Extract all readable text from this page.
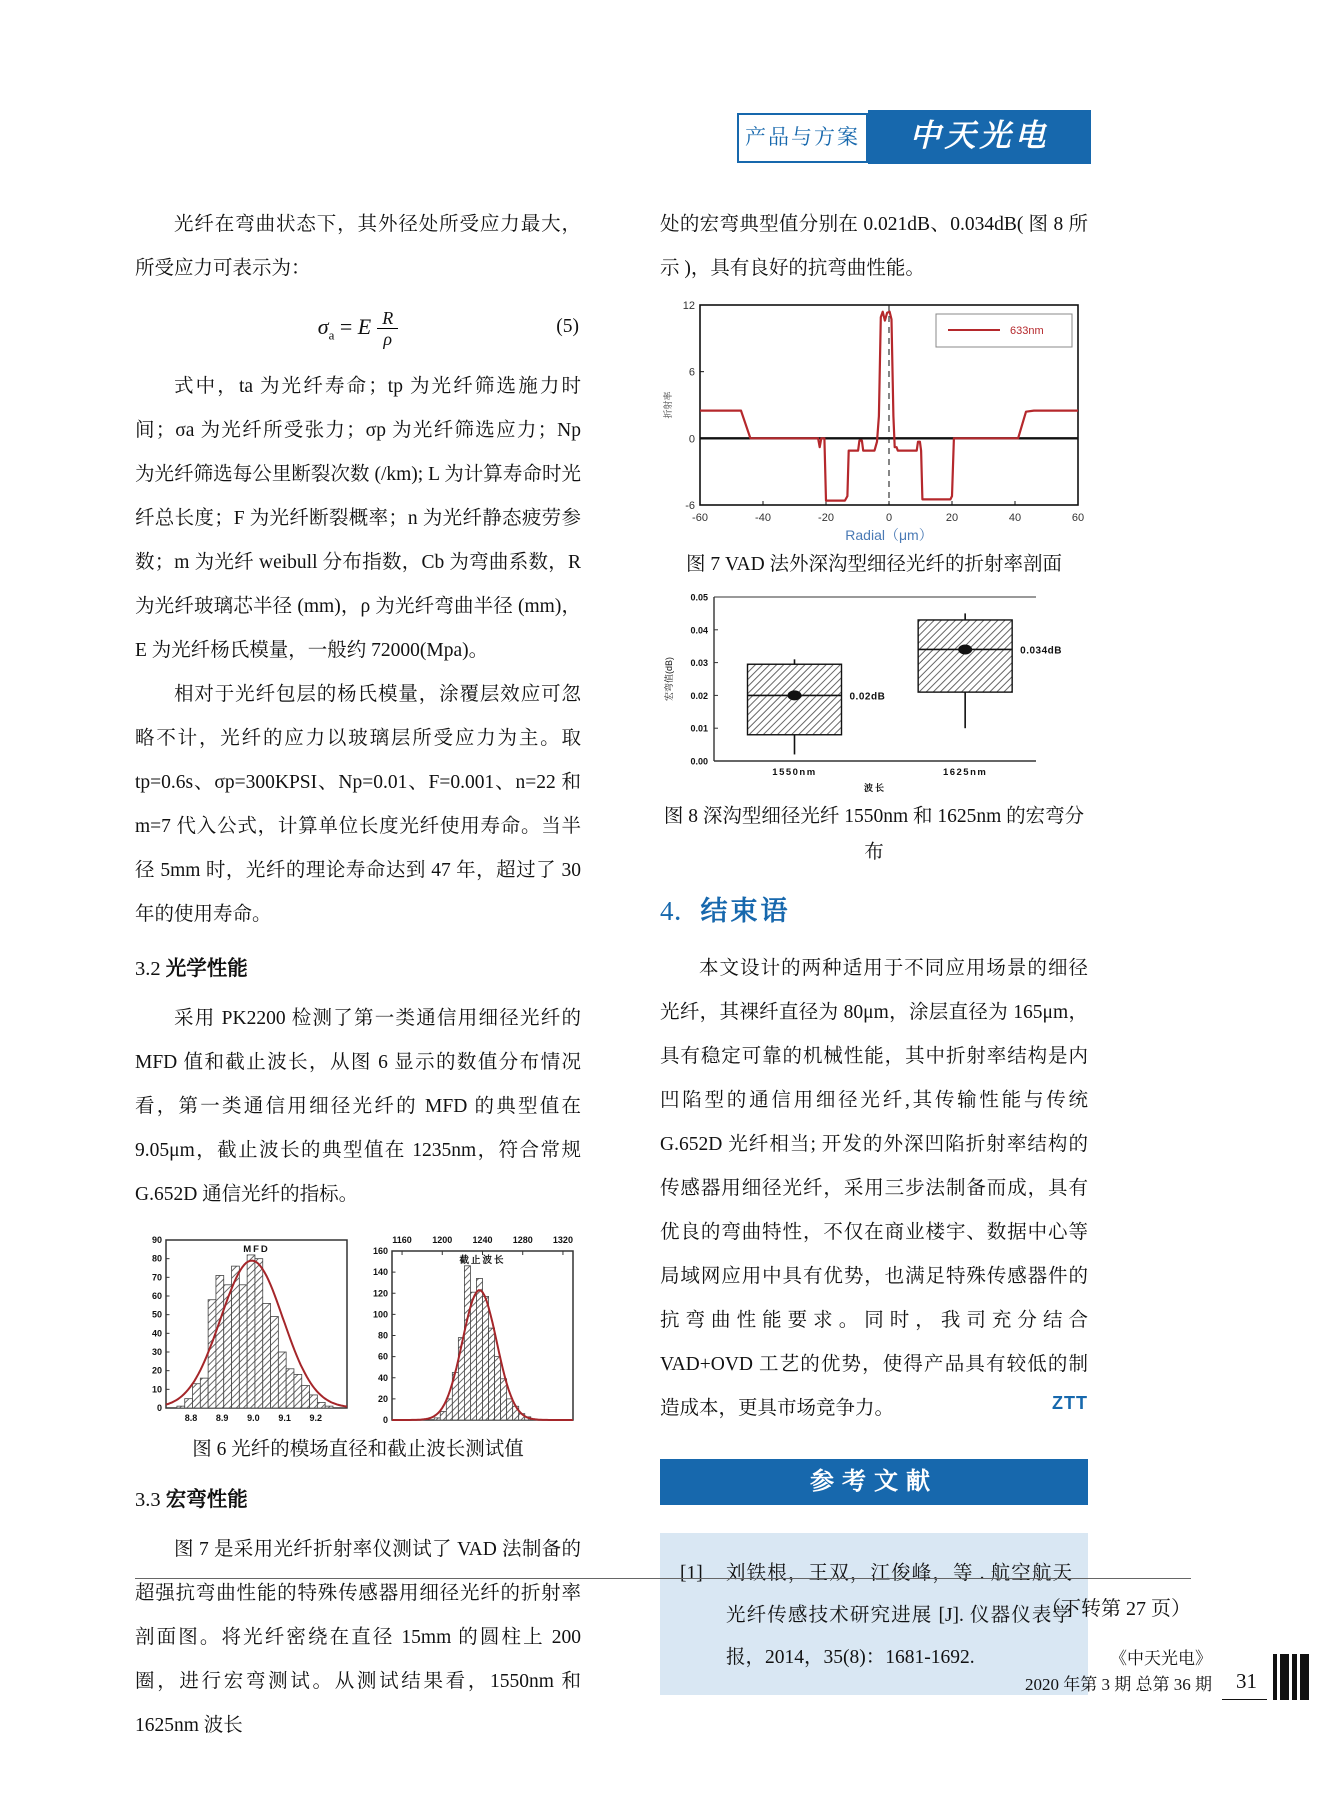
产品与方案	中天光电

光纤在弯曲状态下，其外径处所受应力最大，所受应力可表示为：

$\sigma_a = E \frac{R}{\rho}$	(5)

式中，ta 为光纤寿命；tp 为光纤筛选施力时间；σa 为光纤所受张力；σp 为光纤筛选应力；Np 为光纤筛选每公里断裂次数 (/km); L 为计算寿命时光纤总长度；F 为光纤断裂概率；n 为光纤静态疲劳参数；m 为光纤 weibull 分布指数，Cb 为弯曲系数，R 为光纤玻璃芯半径 (mm)，ρ 为光纤弯曲半径 (mm)，E 为光纤杨氏模量，一般约 72000(Mpa)。

相对于光纤包层的杨氏模量，涂覆层效应可忽略不计，光纤的应力以玻璃层所受应力为主。取 tp=0.6s、σp=300KPSI、Np=0.01、F=0.001、n=22 和 m=7 代入公式，计算单位长度光纤使用寿命。当半径 5mm 时，光纤的理论寿命达到 47 年，超过了 30 年的使用寿命。

3.2 光学性能

采用 PK2200 检测了第一类通信用细径光纤的 MFD 值和截止波长，从图 6 显示的数值分布情况看，第一类通信用细径光纤的 MFD 的典型值在 9.05μm，截止波长的典型值在 1235nm，符合常规 G.652D 通信光纤的指标。

0
10
20
30
40
50
60
70
80
90
8.8 8.9 9.0 9.1 9.2
MFD
0
20
40
60
80
100
120
140
160
1160 1200 1240 1280 1320
截止波长
图 6 光纤的模场直径和截止波长测试值
3.3 宏弯性能

图 7 是采用光纤折射率仪测试了 VAD 法制备的超强抗弯曲性能的特殊传感器用细径光纤的折射率剖面图。将光纤密绕在直径 15mm 的圆柱上 200 圈，进行宏弯测试。从测试结果看，1550nm 和 1625nm 波长

处的宏弯典型值分别在 0.021dB、0.034dB( 图 8 所示 )，具有良好的抗弯曲性能。

12
6
0
-6
-60	-40	-20	0	20	40	60
633nm
折射率
Radial（μm）
图 7 VAD 法外深沟型细径光纤的折射率剖面
0.00
0.01
0.02
0.03
0.04
0.05
0.02dB
1550nm
0.034dB
1625nm
波长
宏弯值(dB)
图 8 深沟型细径光纤 1550nm 和 1625nm 的宏弯分布
4．结束语

本文设计的两种适用于不同应用场景的细径光纤，其裸纤直径为 80μm，涂层直径为 165μm，具有稳定可靠的机械性能，其中折射率结构是内凹陷型的通信用细径光纤,其传输性能与传统 G.652D 光纤相当; 开发的外深凹陷折射率结构的传感器用细径光纤，采用三步法制备而成，具有优良的弯曲特性，不仅在商业楼宇、数据中心等局域网应用中具有优势，也满足特殊传感器件的抗弯曲性能要求。同时，我司充分结合 VAD+OVD 工艺的优势，使得产品具有较低的制造成本，更具市场竞争力。	ZTT

参考文献
[1]	刘铁根，王双，江俊峰，等 . 航空航天光纤传感技术研究进展 [J]. 仪器仪表学报，2014，35(8)：1681-1692.
（下转第 27 页）
《中天光电》
2020 年第 3 期 总第 36 期	31
